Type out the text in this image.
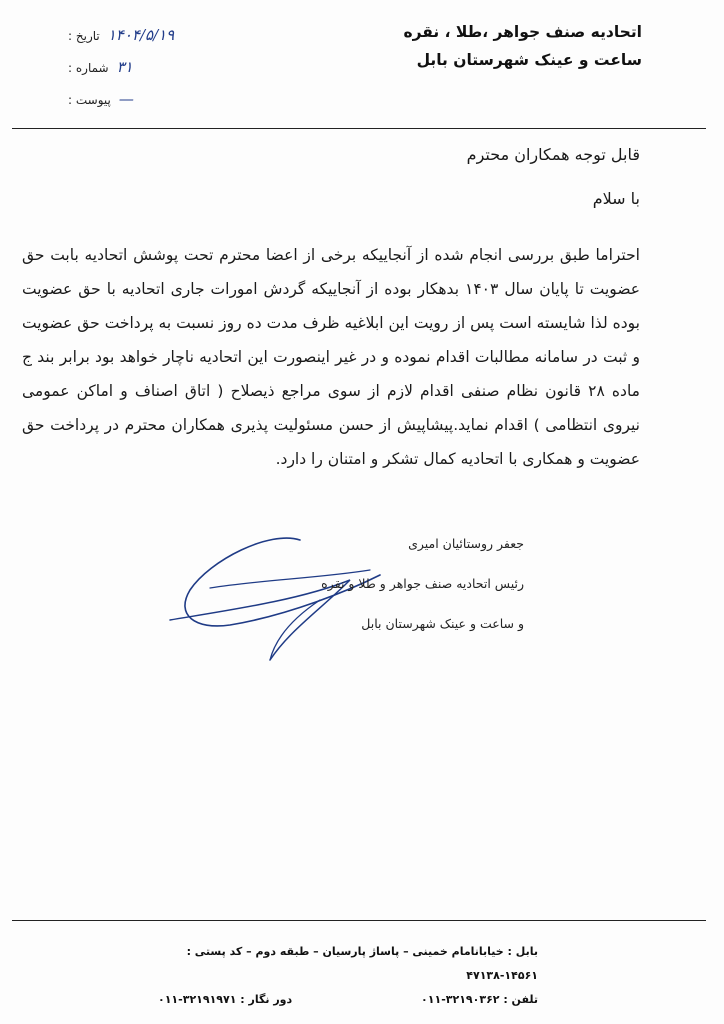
اتحادیه صنف جواهر ،طلا ، نقره
ساعت و عینک شهرستان بابل
تاریخ : ۱۴۰۴/۵/۱۹
شماره : ۳۱
پیوست : —
قابل توجه همکاران محترم
با سلام
احتراما طبق بررسی انجام شده از آنجاییکه برخی از اعضا محترم تحت پوشش اتحادیه بابت حق عضویت تا پایان سال ۱۴۰۳ بدهکار بوده از آنجاییکه گردش امورات جاری اتحادیه با حق عضویت بوده لذا شایسته است پس از رویت این ابلاغیه ظرف مدت ده روز نسبت به پرداخت حق عضویت و ثبت در سامانه مطالبات اقدام نموده و در غیر اینصورت این اتحادیه ناچار خواهد بود برابر بند ج ماده ۲۸ قانون نظام صنفی اقدام لازم از سوی مراجع ذیصلاح ( اتاق اصناف و اماکن عمومی نیروی انتظامی ) اقدام نماید.پیشاپیش از حسن مسئولیت پذیری همکاران محترم در پرداخت حق عضویت و همکاری با اتحادیه کمال تشکر و امتنان را دارد.
جعفر روستائیان امیری
رئیس اتحادیه صنف جواهر و طلا و نقره
و ساعت و عینک شهرستان بابل
بابل : خیابانامام خمینی – پاساژ پارسیان – طبقه دوم – کد پستی : ۱۴۵۶۱-۴۷۱۳۸
تلفن : ۳۲۱۹۰۳۶۲-۰۱۱
دور نگار : ۳۲۱۹۱۹۷۱-۰۱۱
